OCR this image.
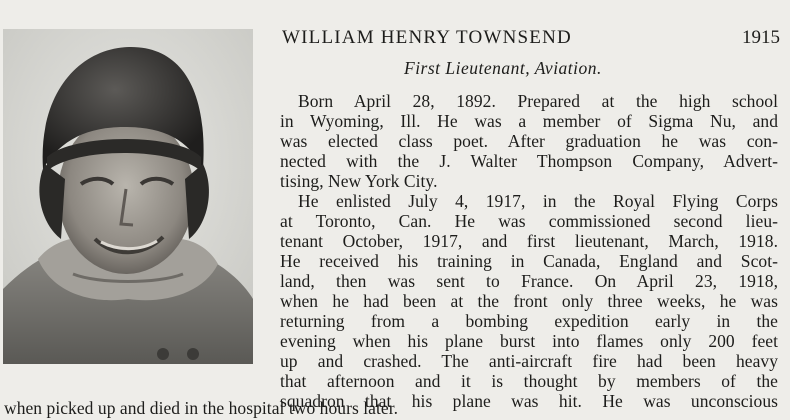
WILLIAM HENRY TOWNSEND	1915
First Lieutenant, Aviation.
Born April 28, 1892. Prepared at the high school
in Wyoming, Ill. He was a member of Sigma Nu, and
was elected class poet. After graduation he was con-
nected with the J. Walter Thompson Company, Advert-
tising, New York City.
He enlisted July 4, 1917, in the Royal Flying Corps
at Toronto, Can. He was commissioned second lieu-
tenant October, 1917, and first lieutenant, March, 1918.
He received his training in Canada, England and Scot-
land, then was sent to France. On April 23, 1918,
when he had been at the front only three weeks, he was
returning from a bombing expedition early in the
evening when his plane burst into flames only 200 feet
up and crashed. The anti-aircraft fire had been heavy
that afternoon and it is thought by members of the
squadron that his plane was hit. He was unconscious
when picked up and died in the hospital two hours later.
